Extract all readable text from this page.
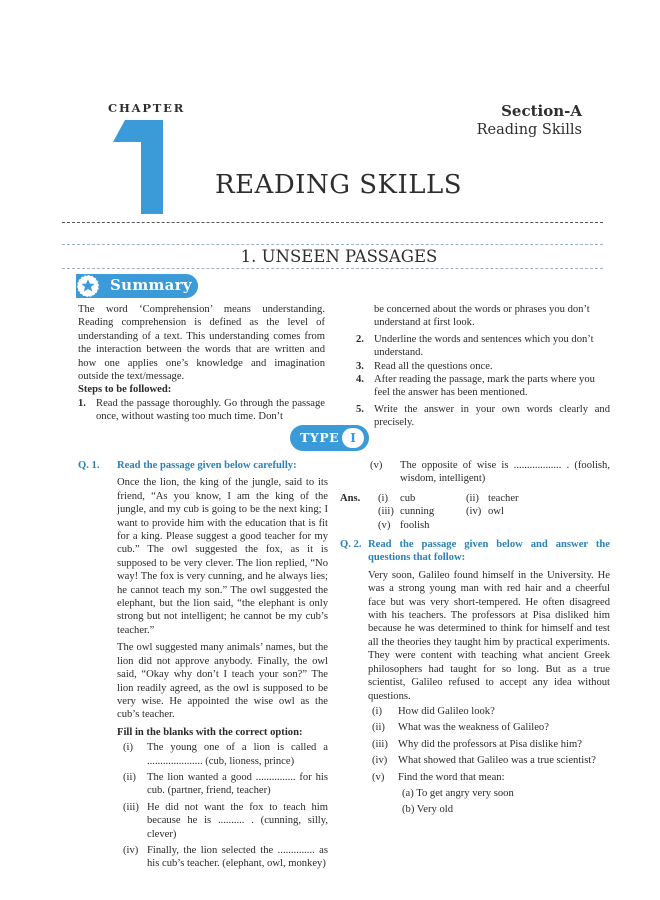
CHAPTER	Section-A
Reading Skills
READING SKILLS
1. UNSEEN PASSAGES
Summary

The word ‘Comprehension’ means understanding. Reading comprehension is defined as the level of understanding of a text. This understanding comes from the interaction between the words that are written and how one applies one’s knowledge and imagination outside the text/message.

Steps to be followed:

1. Read the passage thoroughly. Go through the passage once, without wasting too much time. Don’t
be concerned about the words or phrases you don’t understand at first look.
2. Underline the words and sentences which you don’t understand.
3. Read all the questions once.
4. After reading the passage, mark the parts where you feel the answer has been mentioned.
5. Write the answer in your own words clearly and precisely.
TYPE I
Q. 1.	Read the passage given below carefully:

Once the lion, the king of the jungle, said to its friend, “As you know, I am the king of the jungle, and my cub is going to be the next king; I want to provide him with the education that is fit for a king. Please suggest a good teacher for my cub.” The owl suggested the fox, as it is supposed to be very clever. The lion replied, “No way! The fox is very cunning, and he always lies; he cannot teach my son.” The owl suggested the elephant, but the lion said, “the elephant is only strong but not intelligent; he cannot be my cub’s teacher.”

The owl suggested many animals’ names, but the lion did not approve anybody. Finally, the owl said, “Okay why don’t I teach your son?” The lion readily agreed, as the owl is supposed to be very wise. He appointed the wise owl as the cub’s teacher.

Fill in the blanks with the correct option:

(i)	The young one of a lion is called a ..................... (cub, lioness, prince)
(ii)	The lion wanted a good ............... for his cub. (partner, friend, teacher)
(iii) He did not want the fox to teach him because he is .......... . (cunning, silly, clever)
(iv) Finally, the lion selected the .............. as his cub’s teacher. (elephant, owl, monkey)
(v)	The opposite of wise is .................. . (foolish, wisdom, intelligent)
Ans.	(i)	cub	(ii) teacher
(iii) cunning	(iv) owl
(v) foolish
Q. 2. Read the passage given below and answer the questions that follow:

Very soon, Galileo found himself in the University. He was a strong young man with red hair and a cheerful face but was very short-tempered. He often disagreed with his teachers. The professors at Pisa disliked him because he was determined to think for himself and test all the theories they taught him by practical experiments. They were content with teaching what ancient Greek philosophers had taught for so long. But as a true scientist, Galileo refused to accept any idea without questions.

(i)	How did Galileo look?
(ii)	What was the weakness of Galileo?
(iii) Why did the professors at Pisa dislike him?
(iv)	What showed that Galileo was a true scientist?
(v)	Find the word that mean:

(a) To get angry very soon

(b) Very old
